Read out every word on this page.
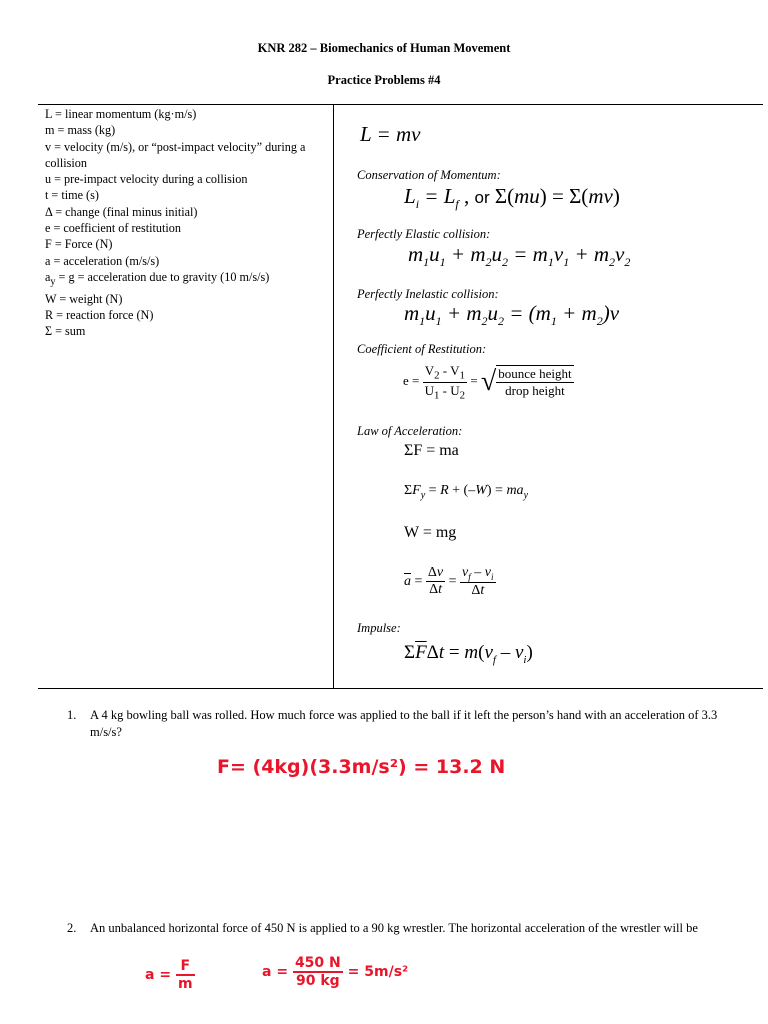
KNR 282 – Biomechanics of Human Movement
Practice Problems #4
L = linear momentum (kg·m/s)
m = mass (kg)
v = velocity (m/s), or “post-impact velocity” during a collision
u = pre-impact velocity during a collision
t = time (s)
Δ = change (final minus initial)
e = coefficient of restitution
F = Force (N)
a = acceleration (m/s/s)
$a_y = g$ = acceleration due to gravity (10 m/s/s)
W = weight (N)
R = reaction force (N)
Σ = sum
L = mv
Conservation of Momentum:
$L_i = L_f$ , or Σ(mu) = Σ(mv)
Perfectly Elastic collision:
$m_1u_1 + m_2u_2 = m_1v_1 + m_2v_2$
Perfectly Inelastic collision:
$m_1u_1 + m_2u_2 = (m_1 + m_2)v$
Coefficient of Restitution:
$e = \frac{V_2 - V_1}{U_1 - U_2}$ = √ $\frac{\text{bounce height}}{\text{drop height}}$
Law of Acceleration:
ΣF = ma
$\Sigma F_y = R + (-W) = ma_y$
W = mg
$\overline{a} = \frac{\Delta v}{\Delta t} = \frac{v_f - v_i}{\Delta t}$
Impulse:
$\Sigma\overline{F}\Delta t = m(v_f - v_i)$
1. A 4 kg bowling ball was rolled. How much force was applied to the ball if it left the person’s hand with an acceleration of 3.3 m/s/s?
F= (4kg)(3.3m/s²) = 13.2 N
2. An unbalanced horizontal force of 450 N is applied to a 90 kg wrestler. The horizontal acceleration of the wrestler will be
$a = \frac{F}{m}$	$a = \frac{450 N}{90 kg} = 5m/s^2$
